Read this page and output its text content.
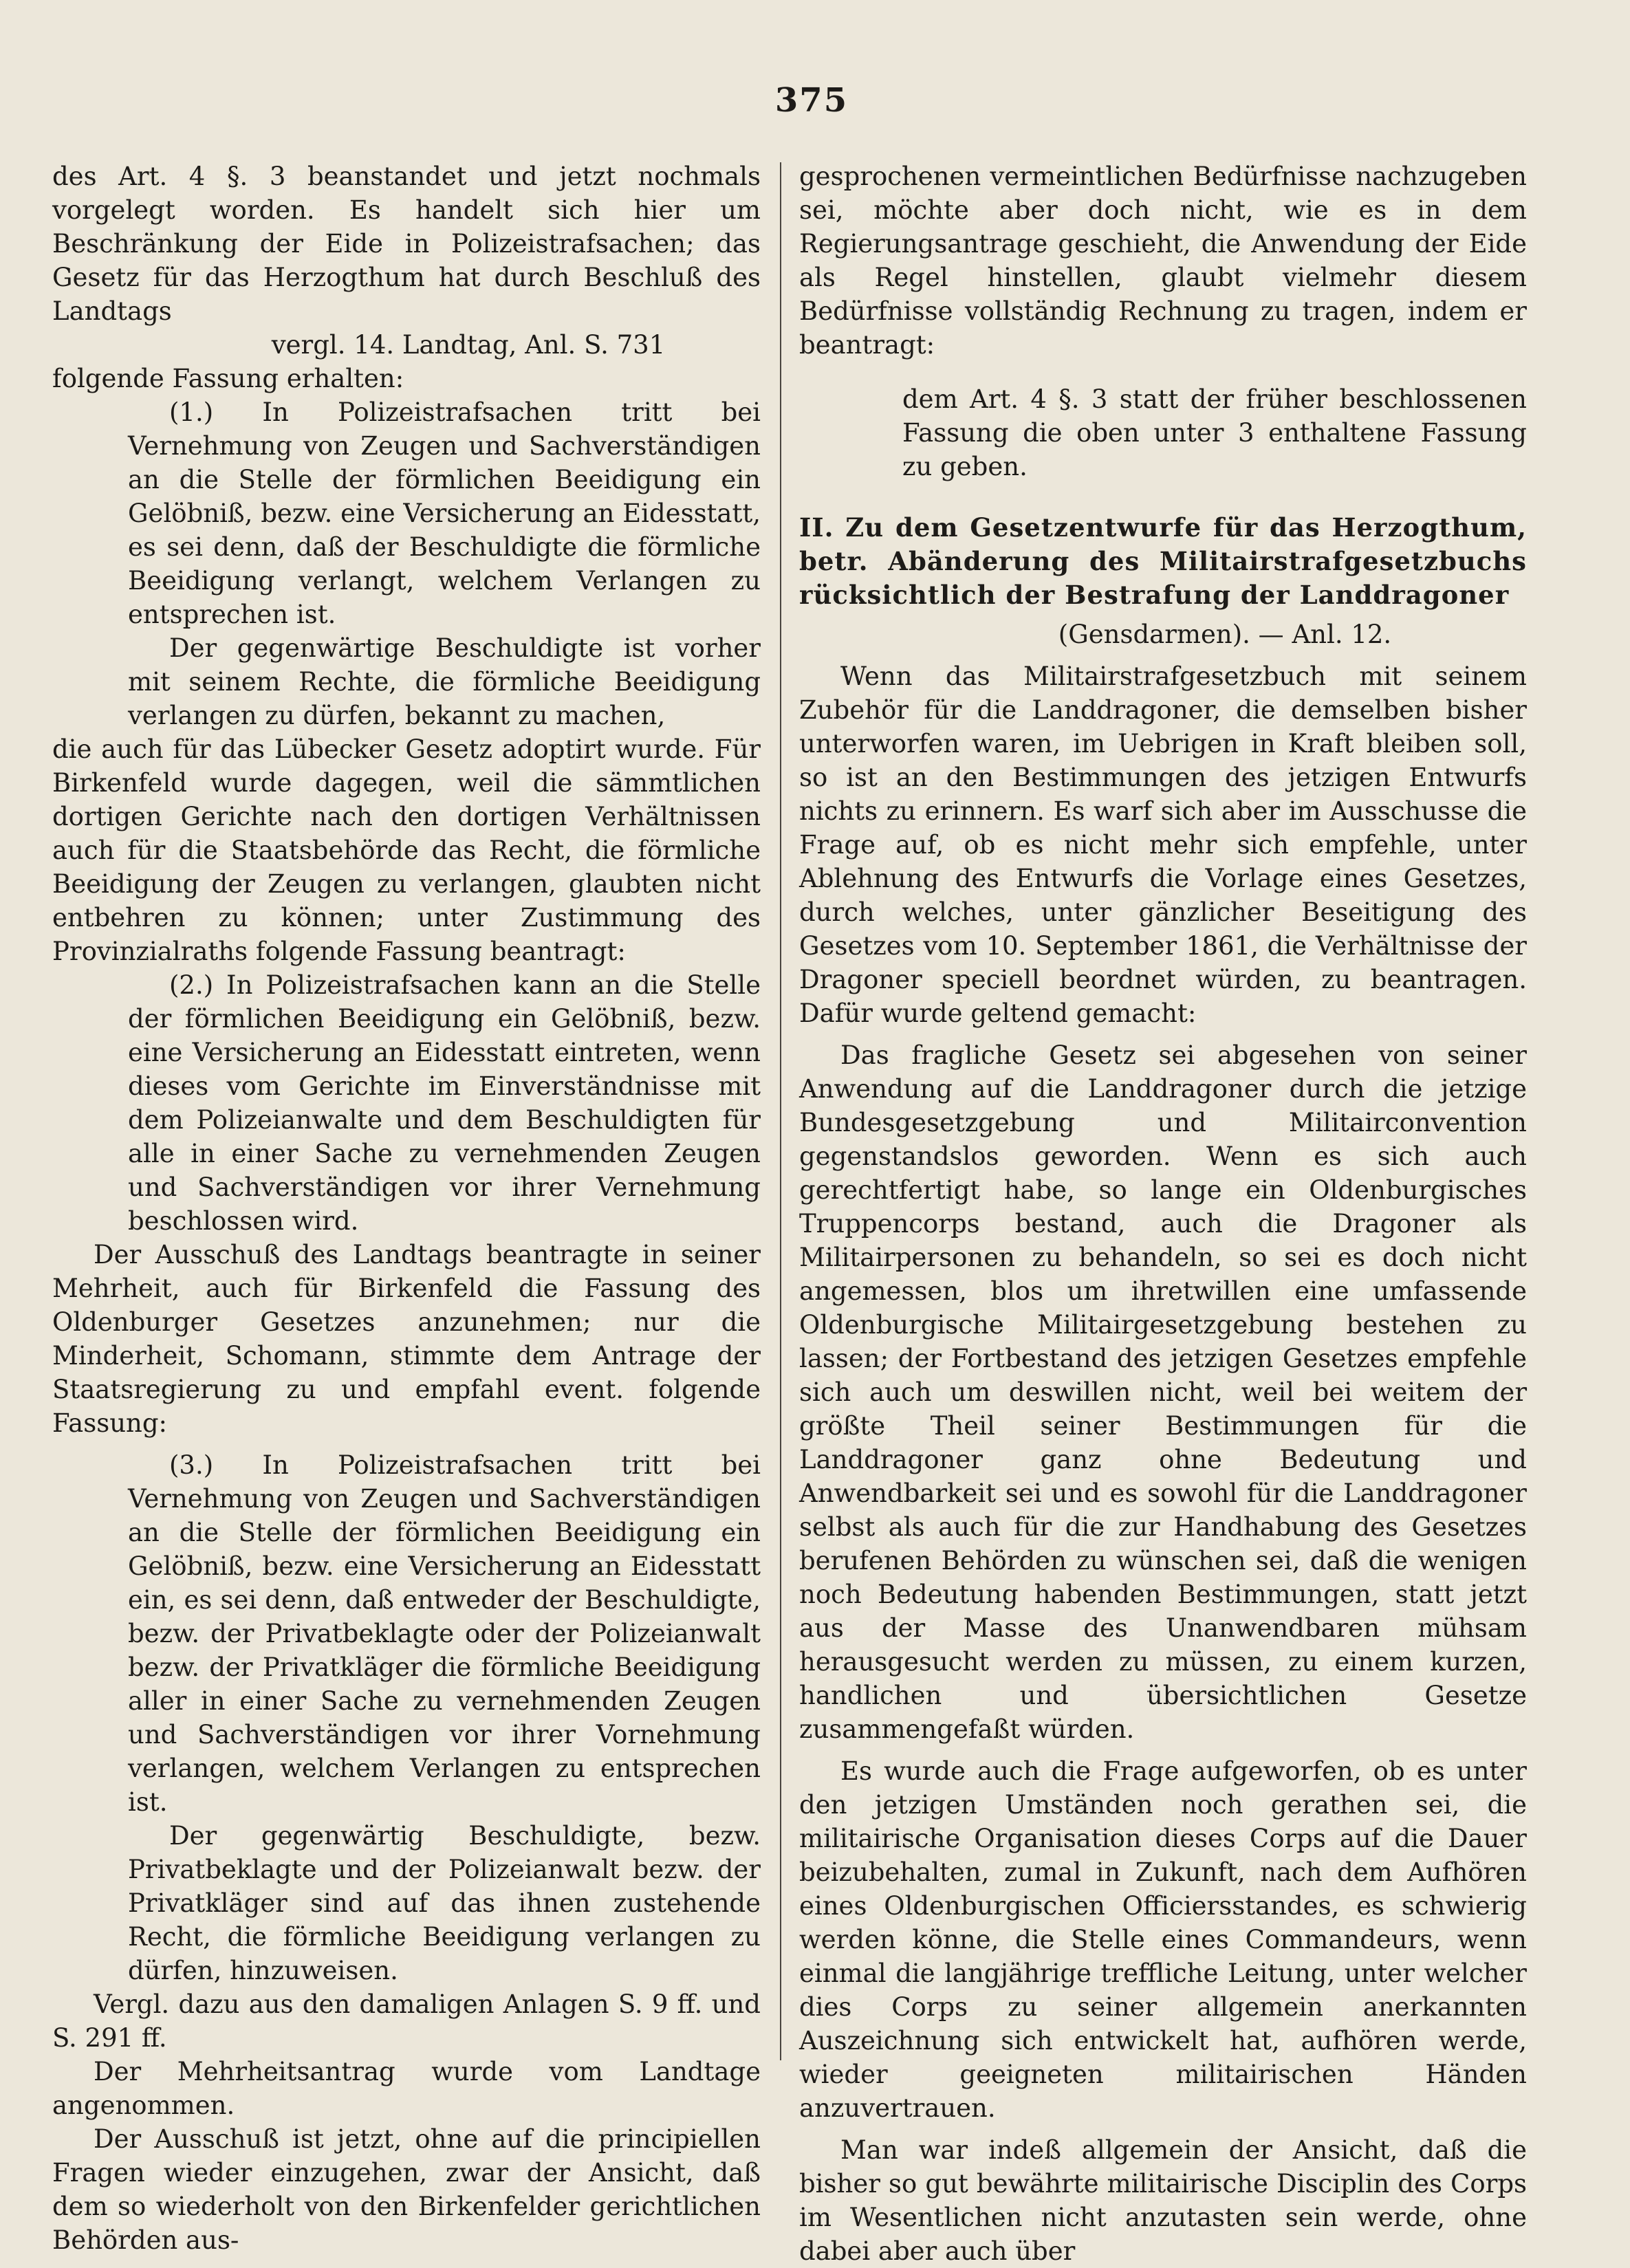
375

des Art. 4 §. 3 beanstandet und jetzt nochmals vorgelegt worden. Es handelt sich hier um Beschränkung der Eide in Polizeistrafsachen; das Gesetz für das Herzogthum hat durch Beschluß des Landtags

vergl. 14. Landtag, Anl. S. 731

folgende Fassung erhalten:

(1.) In Polizeistrafsachen tritt bei Vernehmung von Zeugen und Sachverständigen an die Stelle der förmlichen Beeidigung ein Gelöbniß, bezw. eine Versicherung an Eidesstatt, es sei denn, daß der Beschuldigte die förmliche Beeidigung verlangt, welchem Verlangen zu entsprechen ist.

Der gegenwärtige Beschuldigte ist vorher mit seinem Rechte, die förmliche Beeidigung verlangen zu dürfen, bekannt zu machen,

die auch für das Lübecker Gesetz adoptirt wurde. Für Birkenfeld wurde dagegen, weil die sämmtlichen dortigen Gerichte nach den dortigen Verhältnissen auch für die Staatsbehörde das Recht, die förmliche Beeidigung der Zeugen zu verlangen, glaubten nicht entbehren zu können; unter Zustimmung des Provinzialraths folgende Fassung beantragt:

(2.) In Polizeistrafsachen kann an die Stelle der förmlichen Beeidigung ein Gelöbniß, bezw. eine Versicherung an Eidesstatt eintreten, wenn dieses vom Gerichte im Einverständnisse mit dem Polizeianwalte und dem Beschuldigten für alle in einer Sache zu vernehmenden Zeugen und Sachverständigen vor ihrer Vernehmung beschlossen wird.

Der Ausschuß des Landtags beantragte in seiner Mehrheit, auch für Birkenfeld die Fassung des Oldenburger Gesetzes anzunehmen; nur die Minderheit, Schomann, stimmte dem Antrage der Staatsregierung zu und empfahl event. folgende Fassung:

(3.) In Polizeistrafsachen tritt bei Vernehmung von Zeugen und Sachverständigen an die Stelle der förmlichen Beeidigung ein Gelöbniß, bezw. eine Versicherung an Eidesstatt ein, es sei denn, daß entweder der Beschuldigte, bezw. der Privatbeklagte oder der Polizeianwalt bezw. der Privatkläger die förmliche Beeidigung aller in einer Sache zu vernehmenden Zeugen und Sachverständigen vor ihrer Vornehmung verlangen, welchem Verlangen zu entsprechen ist.

Der gegenwärtig Beschuldigte, bezw. Privatbeklagte und der Polizeianwalt bezw. der Privatkläger sind auf das ihnen zustehende Recht, die förmliche Beeidigung verlangen zu dürfen, hinzuweisen.

Vergl. dazu aus den damaligen Anlagen S. 9 ff. und S. 291 ff.

Der Mehrheitsantrag wurde vom Landtage angenommen.

Der Ausschuß ist jetzt, ohne auf die principiellen Fragen wieder einzugehen, zwar der Ansicht, daß dem so wiederholt von den Birkenfelder gerichtlichen Behörden aus-

gesprochenen vermeintlichen Bedürfnisse nachzugeben sei, möchte aber doch nicht, wie es in dem Regierungsantrage geschieht, die Anwendung der Eide als Regel hinstellen, glaubt vielmehr diesem Bedürfnisse vollständig Rechnung zu tragen, indem er beantragt:

dem Art. 4 §. 3 statt der früher beschlossenen Fassung die oben unter 3 enthaltene Fassung zu geben.

II. Zu dem Gesetzentwurfe für das Herzogthum, betr. Abänderung des Militairstrafgesetzbuchs rücksichtlich der Bestrafung der Landdragoner

(Gensdarmen). — Anl. 12.

Wenn das Militairstrafgesetzbuch mit seinem Zubehör für die Landdragoner, die demselben bisher unterworfen waren, im Uebrigen in Kraft bleiben soll, so ist an den Bestimmungen des jetzigen Entwurfs nichts zu erinnern. Es warf sich aber im Ausschusse die Frage auf, ob es nicht mehr sich empfehle, unter Ablehnung des Entwurfs die Vorlage eines Gesetzes, durch welches, unter gänzlicher Beseitigung des Gesetzes vom 10. September 1861, die Verhältnisse der Dragoner speciell beordnet würden, zu beantragen. Dafür wurde geltend gemacht:

Das fragliche Gesetz sei abgesehen von seiner Anwendung auf die Landdragoner durch die jetzige Bundesgesetzgebung und Militairconvention gegenstandslos geworden. Wenn es sich auch gerechtfertigt habe, so lange ein Oldenburgisches Truppencorps bestand, auch die Dragoner als Militairpersonen zu behandeln, so sei es doch nicht angemessen, blos um ihretwillen eine umfassende Oldenburgische Militairgesetzgebung bestehen zu lassen; der Fortbestand des jetzigen Gesetzes empfehle sich auch um deswillen nicht, weil bei weitem der größte Theil seiner Bestimmungen für die Landdragoner ganz ohne Bedeutung und Anwendbarkeit sei und es sowohl für die Landdragoner selbst als auch für die zur Handhabung des Gesetzes berufenen Behörden zu wünschen sei, daß die wenigen noch Bedeutung habenden Bestimmungen, statt jetzt aus der Masse des Unanwendbaren mühsam herausgesucht werden zu müssen, zu einem kurzen, handlichen und übersichtlichen Gesetze zusammengefaßt würden.

Es wurde auch die Frage aufgeworfen, ob es unter den jetzigen Umständen noch gerathen sei, die militairische Organisation dieses Corps auf die Dauer beizubehalten, zumal in Zukunft, nach dem Aufhören eines Oldenburgischen Officiersstandes, es schwierig werden könne, die Stelle eines Commandeurs, wenn einmal die langjährige treffliche Leitung, unter welcher dies Corps zu seiner allgemein anerkannten Auszeichnung sich entwickelt hat, aufhören werde, wieder geeigneten militairischen Händen anzuvertrauen.

Man war indeß allgemein der Ansicht, daß die bisher so gut bewährte militairische Disciplin des Corps im Wesentlichen nicht anzutasten sein werde, ohne dabei aber auch über
